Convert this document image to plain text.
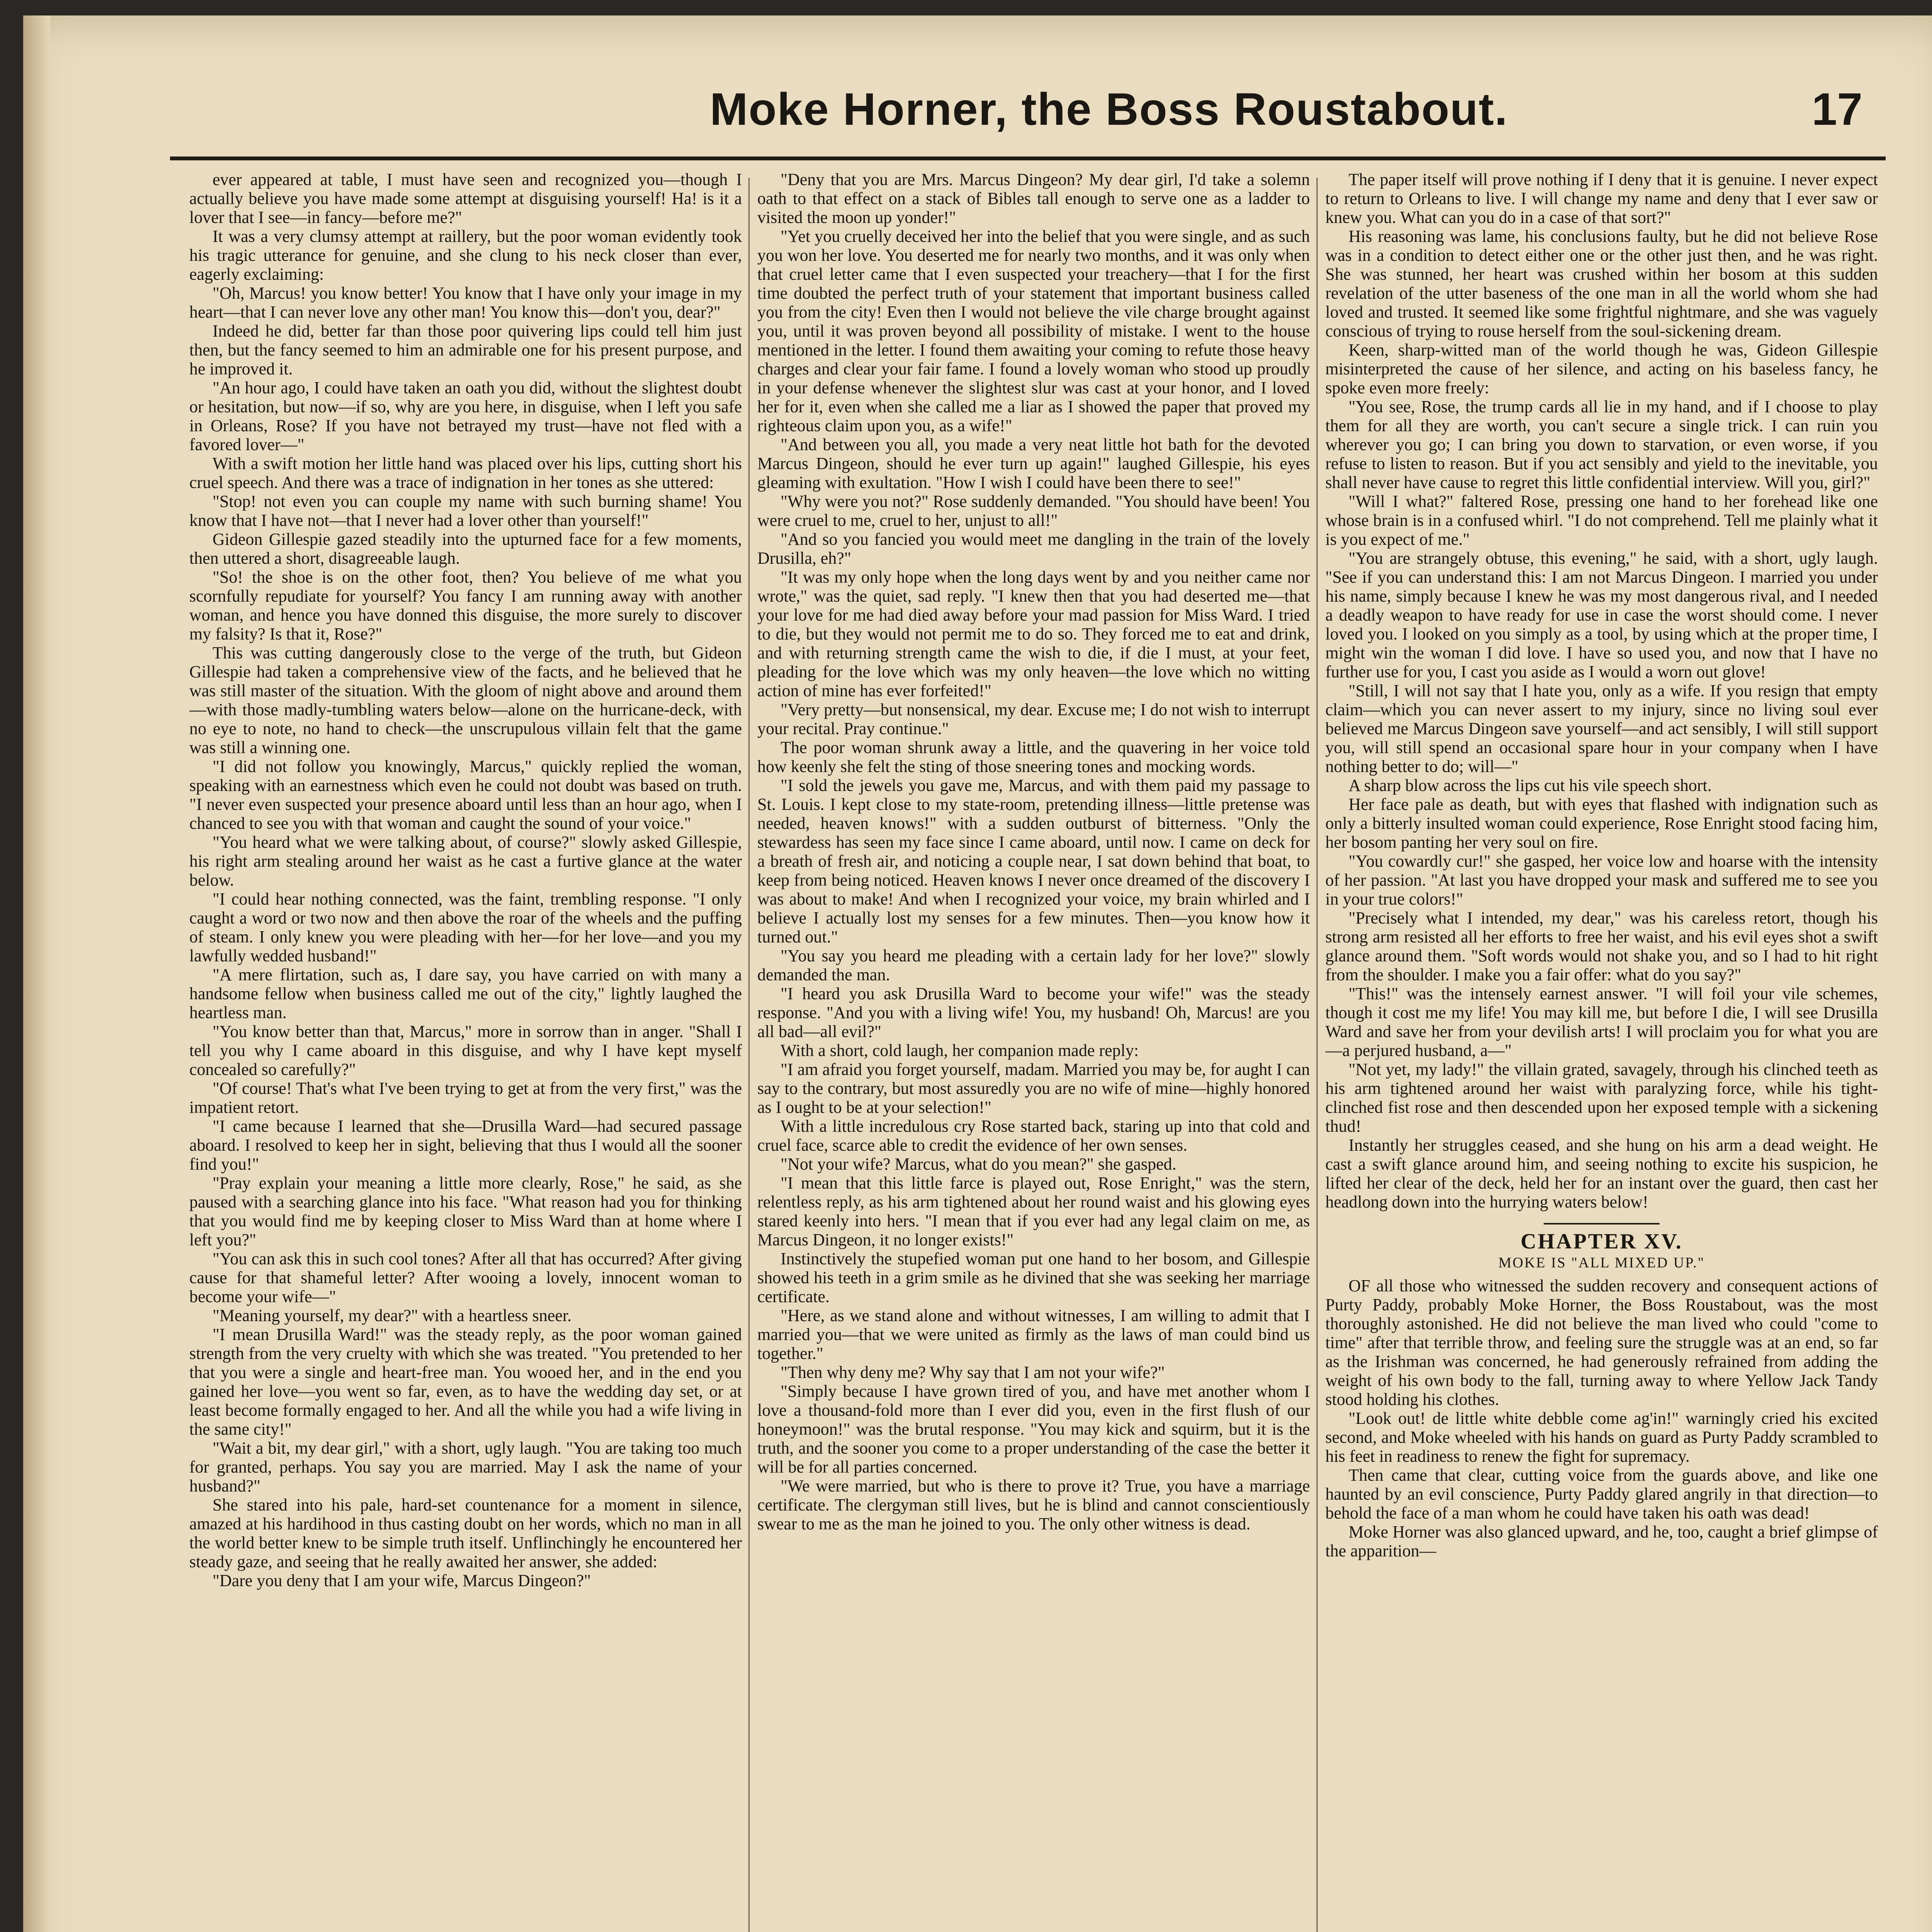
Moke Horner, the Boss Roustabout.	17

ever appeared at table, I must have seen and recognized you—though I actually believe you have made some attempt at disguising yourself! Ha! is it a lover that I see—in fancy—before me?"

It was a very clumsy attempt at raillery, but the poor woman evidently took his tragic utterance for genuine, and she clung to his neck closer than ever, eagerly exclaiming:

"Oh, Marcus! you know better! You know that I have only your image in my heart—that I can never love any other man! You know this—don't you, dear?"

Indeed he did, better far than those poor quivering lips could tell him just then, but the fancy seemed to him an admirable one for his present purpose, and he improved it.

"An hour ago, I could have taken an oath you did, without the slightest doubt or hesitation, but now—if so, why are you here, in disguise, when I left you safe in Orleans, Rose? If you have not betrayed my trust—have not fled with a favored lover—"

With a swift motion her little hand was placed over his lips, cutting short his cruel speech. And there was a trace of indignation in her tones as she uttered:

"Stop! not even you can couple my name with such burning shame! You know that I have not—that I never had a lover other than yourself!"

Gideon Gillespie gazed steadily into the upturned face for a few moments, then uttered a short, disagreeable laugh.

"So! the shoe is on the other foot, then? You believe of me what you scornfully repudiate for yourself? You fancy I am running away with another woman, and hence you have donned this disguise, the more surely to discover my falsity? Is that it, Rose?"

This was cutting dangerously close to the verge of the truth, but Gideon Gillespie had taken a comprehensive view of the facts, and he believed that he was still master of the situation. With the gloom of night above and around them—with those madly-tumbling waters below—alone on the hurricane-deck, with no eye to note, no hand to check—the unscrupulous villain felt that the game was still a winning one.

"I did not follow you knowingly, Marcus," quickly replied the woman, speaking with an earnestness which even he could not doubt was based on truth. "I never even suspected your presence aboard until less than an hour ago, when I chanced to see you with that woman and caught the sound of your voice."

"You heard what we were talking about, of course?" slowly asked Gillespie, his right arm stealing around her waist as he cast a furtive glance at the water below.

"I could hear nothing connected, was the faint, trembling response. "I only caught a word or two now and then above the roar of the wheels and the puffing of steam. I only knew you were pleading with her—for her love—and you my lawfully wedded husband!"

"A mere flirtation, such as, I dare say, you have carried on with many a handsome fellow when business called me out of the city," lightly laughed the heartless man.

"You know better than that, Marcus," more in sorrow than in anger. "Shall I tell you why I came aboard in this disguise, and why I have kept myself concealed so carefully?"

"Of course! That's what I've been trying to get at from the very first," was the impatient retort.

"I came because I learned that she—Drusilla Ward—had secured passage aboard. I resolved to keep her in sight, believing that thus I would all the sooner find you!"

"Pray explain your meaning a little more clearly, Rose," he said, as she paused with a searching glance into his face. "What reason had you for thinking that you would find me by keeping closer to Miss Ward than at home where I left you?"

"You can ask this in such cool tones? After all that has occurred? After giving cause for that shameful letter? After wooing a lovely, innocent woman to become your wife—"

"Meaning yourself, my dear?" with a heartless sneer.

"I mean Drusilla Ward!" was the steady reply, as the poor woman gained strength from the very cruelty with which she was treated. "You pretended to her that you were a single and heart-free man. You wooed her, and in the end you gained her love—you went so far, even, as to have the wedding day set, or at least become formally engaged to her. And all the while you had a wife living in the same city!"

"Wait a bit, my dear girl," with a short, ugly laugh. "You are taking too much for granted, perhaps. You say you are married. May I ask the name of your husband?"

She stared into his pale, hard-set countenance for a moment in silence, amazed at his hardihood in thus casting doubt on her words, which no man in all the world better knew to be simple truth itself. Unflinchingly he encountered her steady gaze, and seeing that he really awaited her answer, she added:

"Dare you deny that I am your wife, Marcus Dingeon?"

"Deny that you are Mrs. Marcus Dingeon? My dear girl, I'd take a solemn oath to that effect on a stack of Bibles tall enough to serve one as a ladder to visited the moon up yonder!"

"Yet you cruelly deceived her into the belief that you were single, and as such you won her love. You deserted me for nearly two months, and it was only when that cruel letter came that I even suspected your treachery—that I for the first time doubted the perfect truth of your statement that important business called you from the city! Even then I would not believe the vile charge brought against you, until it was proven beyond all possibility of mistake. I went to the house mentioned in the letter. I found them awaiting your coming to refute those heavy charges and clear your fair fame. I found a lovely woman who stood up proudly in your defense whenever the slightest slur was cast at your honor, and I loved her for it, even when she called me a liar as I showed the paper that proved my righteous claim upon you, as a wife!"

"And between you all, you made a very neat little hot bath for the devoted Marcus Dingeon, should he ever turn up again!" laughed Gillespie, his eyes gleaming with exultation. "How I wish I could have been there to see!"

"Why were you not?" Rose suddenly demanded. "You should have been! You were cruel to me, cruel to her, unjust to all!"

"And so you fancied you would meet me dangling in the train of the lovely Drusilla, eh?"

"It was my only hope when the long days went by and you neither came nor wrote," was the quiet, sad reply. "I knew then that you had deserted me—that your love for me had died away before your mad passion for Miss Ward. I tried to die, but they would not permit me to do so. They forced me to eat and drink, and with returning strength came the wish to die, if die I must, at your feet, pleading for the love which was my only heaven—the love which no witting action of mine has ever forfeited!"

"Very pretty—but nonsensical, my dear. Excuse me; I do not wish to interrupt your recital. Pray continue."

The poor woman shrunk away a little, and the quavering in her voice told how keenly she felt the sting of those sneering tones and mocking words.

"I sold the jewels you gave me, Marcus, and with them paid my passage to St. Louis. I kept close to my state-room, pretending illness—little pretense was needed, heaven knows!" with a sudden outburst of bitterness. "Only the stewardess has seen my face since I came aboard, until now. I came on deck for a breath of fresh air, and noticing a couple near, I sat down behind that boat, to keep from being noticed. Heaven knows I never once dreamed of the discovery I was about to make! And when I recognized your voice, my brain whirled and I believe I actually lost my senses for a few minutes. Then—you know how it turned out."

"You say you heard me pleading with a certain lady for her love?" slowly demanded the man.

"I heard you ask Drusilla Ward to become your wife!" was the steady response. "And you with a living wife! You, my husband! Oh, Marcus! are you all bad—all evil?"

With a short, cold laugh, her companion made reply:

"I am afraid you forget yourself, madam. Married you may be, for aught I can say to the contrary, but most assuredly you are no wife of mine—highly honored as I ought to be at your selection!"

With a little incredulous cry Rose started back, staring up into that cold and cruel face, scarce able to credit the evidence of her own senses.

"Not your wife? Marcus, what do you mean?" she gasped.

"I mean that this little farce is played out, Rose Enright," was the stern, relentless reply, as his arm tightened about her round waist and his glowing eyes stared keenly into hers. "I mean that if you ever had any legal claim on me, as Marcus Dingeon, it no longer exists!"

Instinctively the stupefied woman put one hand to her bosom, and Gillespie showed his teeth in a grim smile as he divined that she was seeking her marriage certificate.

"Here, as we stand alone and without witnesses, I am willing to admit that I married you—that we were united as firmly as the laws of man could bind us together."

"Then why deny me? Why say that I am not your wife?"

"Simply because I have grown tired of you, and have met another whom I love a thousand-fold more than I ever did you, even in the first flush of our honeymoon!" was the brutal response. "You may kick and squirm, but it is the truth, and the sooner you come to a proper understanding of the case the better it will be for all parties concerned.

"We were married, but who is there to prove it? True, you have a marriage certificate. The clergyman still lives, but he is blind and cannot conscientiously swear to me as the man he joined to you. The only other witness is dead.

The paper itself will prove nothing if I deny that it is genuine. I never expect to return to Orleans to live. I will change my name and deny that I ever saw or knew you. What can you do in a case of that sort?"

His reasoning was lame, his conclusions faulty, but he did not believe Rose was in a condition to detect either one or the other just then, and he was right. She was stunned, her heart was crushed within her bosom at this sudden revelation of the utter baseness of the one man in all the world whom she had loved and trusted. It seemed like some frightful nightmare, and she was vaguely conscious of trying to rouse herself from the soul-sickening dream.

Keen, sharp-witted man of the world though he was, Gideon Gillespie misinterpreted the cause of her silence, and acting on his baseless fancy, he spoke even more freely:

"You see, Rose, the trump cards all lie in my hand, and if I choose to play them for all they are worth, you can't secure a single trick. I can ruin you wherever you go; I can bring you down to starvation, or even worse, if you refuse to listen to reason. But if you act sensibly and yield to the inevitable, you shall never have cause to regret this little confidential interview. Will you, girl?"

"Will I what?" faltered Rose, pressing one hand to her forehead like one whose brain is in a confused whirl. "I do not comprehend. Tell me plainly what it is you expect of me."

"You are strangely obtuse, this evening," he said, with a short, ugly laugh. "See if you can understand this: I am not Marcus Dingeon. I married you under his name, simply because I knew he was my most dangerous rival, and I needed a deadly weapon to have ready for use in case the worst should come. I never loved you. I looked on you simply as a tool, by using which at the proper time, I might win the woman I did love. I have so used you, and now that I have no further use for you, I cast you aside as I would a worn out glove!

"Still, I will not say that I hate you, only as a wife. If you resign that empty claim—which you can never assert to my injury, since no living soul ever believed me Marcus Dingeon save yourself—and act sensibly, I will still support you, will still spend an occasional spare hour in your company when I have nothing better to do; will—"

A sharp blow across the lips cut his vile speech short.

Her face pale as death, but with eyes that flashed with indignation such as only a bitterly insulted woman could experience, Rose Enright stood facing him, her bosom panting her very soul on fire.

"You cowardly cur!" she gasped, her voice low and hoarse with the intensity of her passion. "At last you have dropped your mask and suffered me to see you in your true colors!"

"Precisely what I intended, my dear," was his careless retort, though his strong arm resisted all her efforts to free her waist, and his evil eyes shot a swift glance around them. "Soft words would not shake you, and so I had to hit right from the shoulder. I make you a fair offer: what do you say?"

"This!" was the intensely earnest answer. "I will foil your vile schemes, though it cost me my life! You may kill me, but before I die, I will see Drusilla Ward and save her from your devilish arts! I will proclaim you for what you are—a perjured husband, a—"

"Not yet, my lady!" the villain grated, savagely, through his clinched teeth as his arm tightened around her waist with paralyzing force, while his tight-clinched fist rose and then descended upon her exposed temple with a sickening thud!

Instantly her struggles ceased, and she hung on his arm a dead weight. He cast a swift glance around him, and seeing nothing to excite his suspicion, he lifted her clear of the deck, held her for an instant over the guard, then cast her headlong down into the hurrying waters below!

CHAPTER XV.

MOKE IS "ALL MIXED UP."

OF all those who witnessed the sudden recovery and consequent actions of Purty Paddy, probably Moke Horner, the Boss Roustabout, was the most thoroughly astonished. He did not believe the man lived who could "come to time" after that terrible throw, and feeling sure the struggle was at an end, so far as the Irishman was concerned, he had generously refrained from adding the weight of his own body to the fall, turning away to where Yellow Jack Tandy stood holding his clothes.

"Look out! de little white debble come ag'in!" warningly cried his excited second, and Moke wheeled with his hands on guard as Purty Paddy scrambled to his feet in readiness to renew the fight for supremacy.

Then came that clear, cutting voice from the guards above, and like one haunted by an evil conscience, Purty Paddy glared angrily in that direction—to behold the face of a man whom he could have taken his oath was dead!

Moke Horner was also glanced upward, and he, too, caught a brief glimpse of the apparition—
